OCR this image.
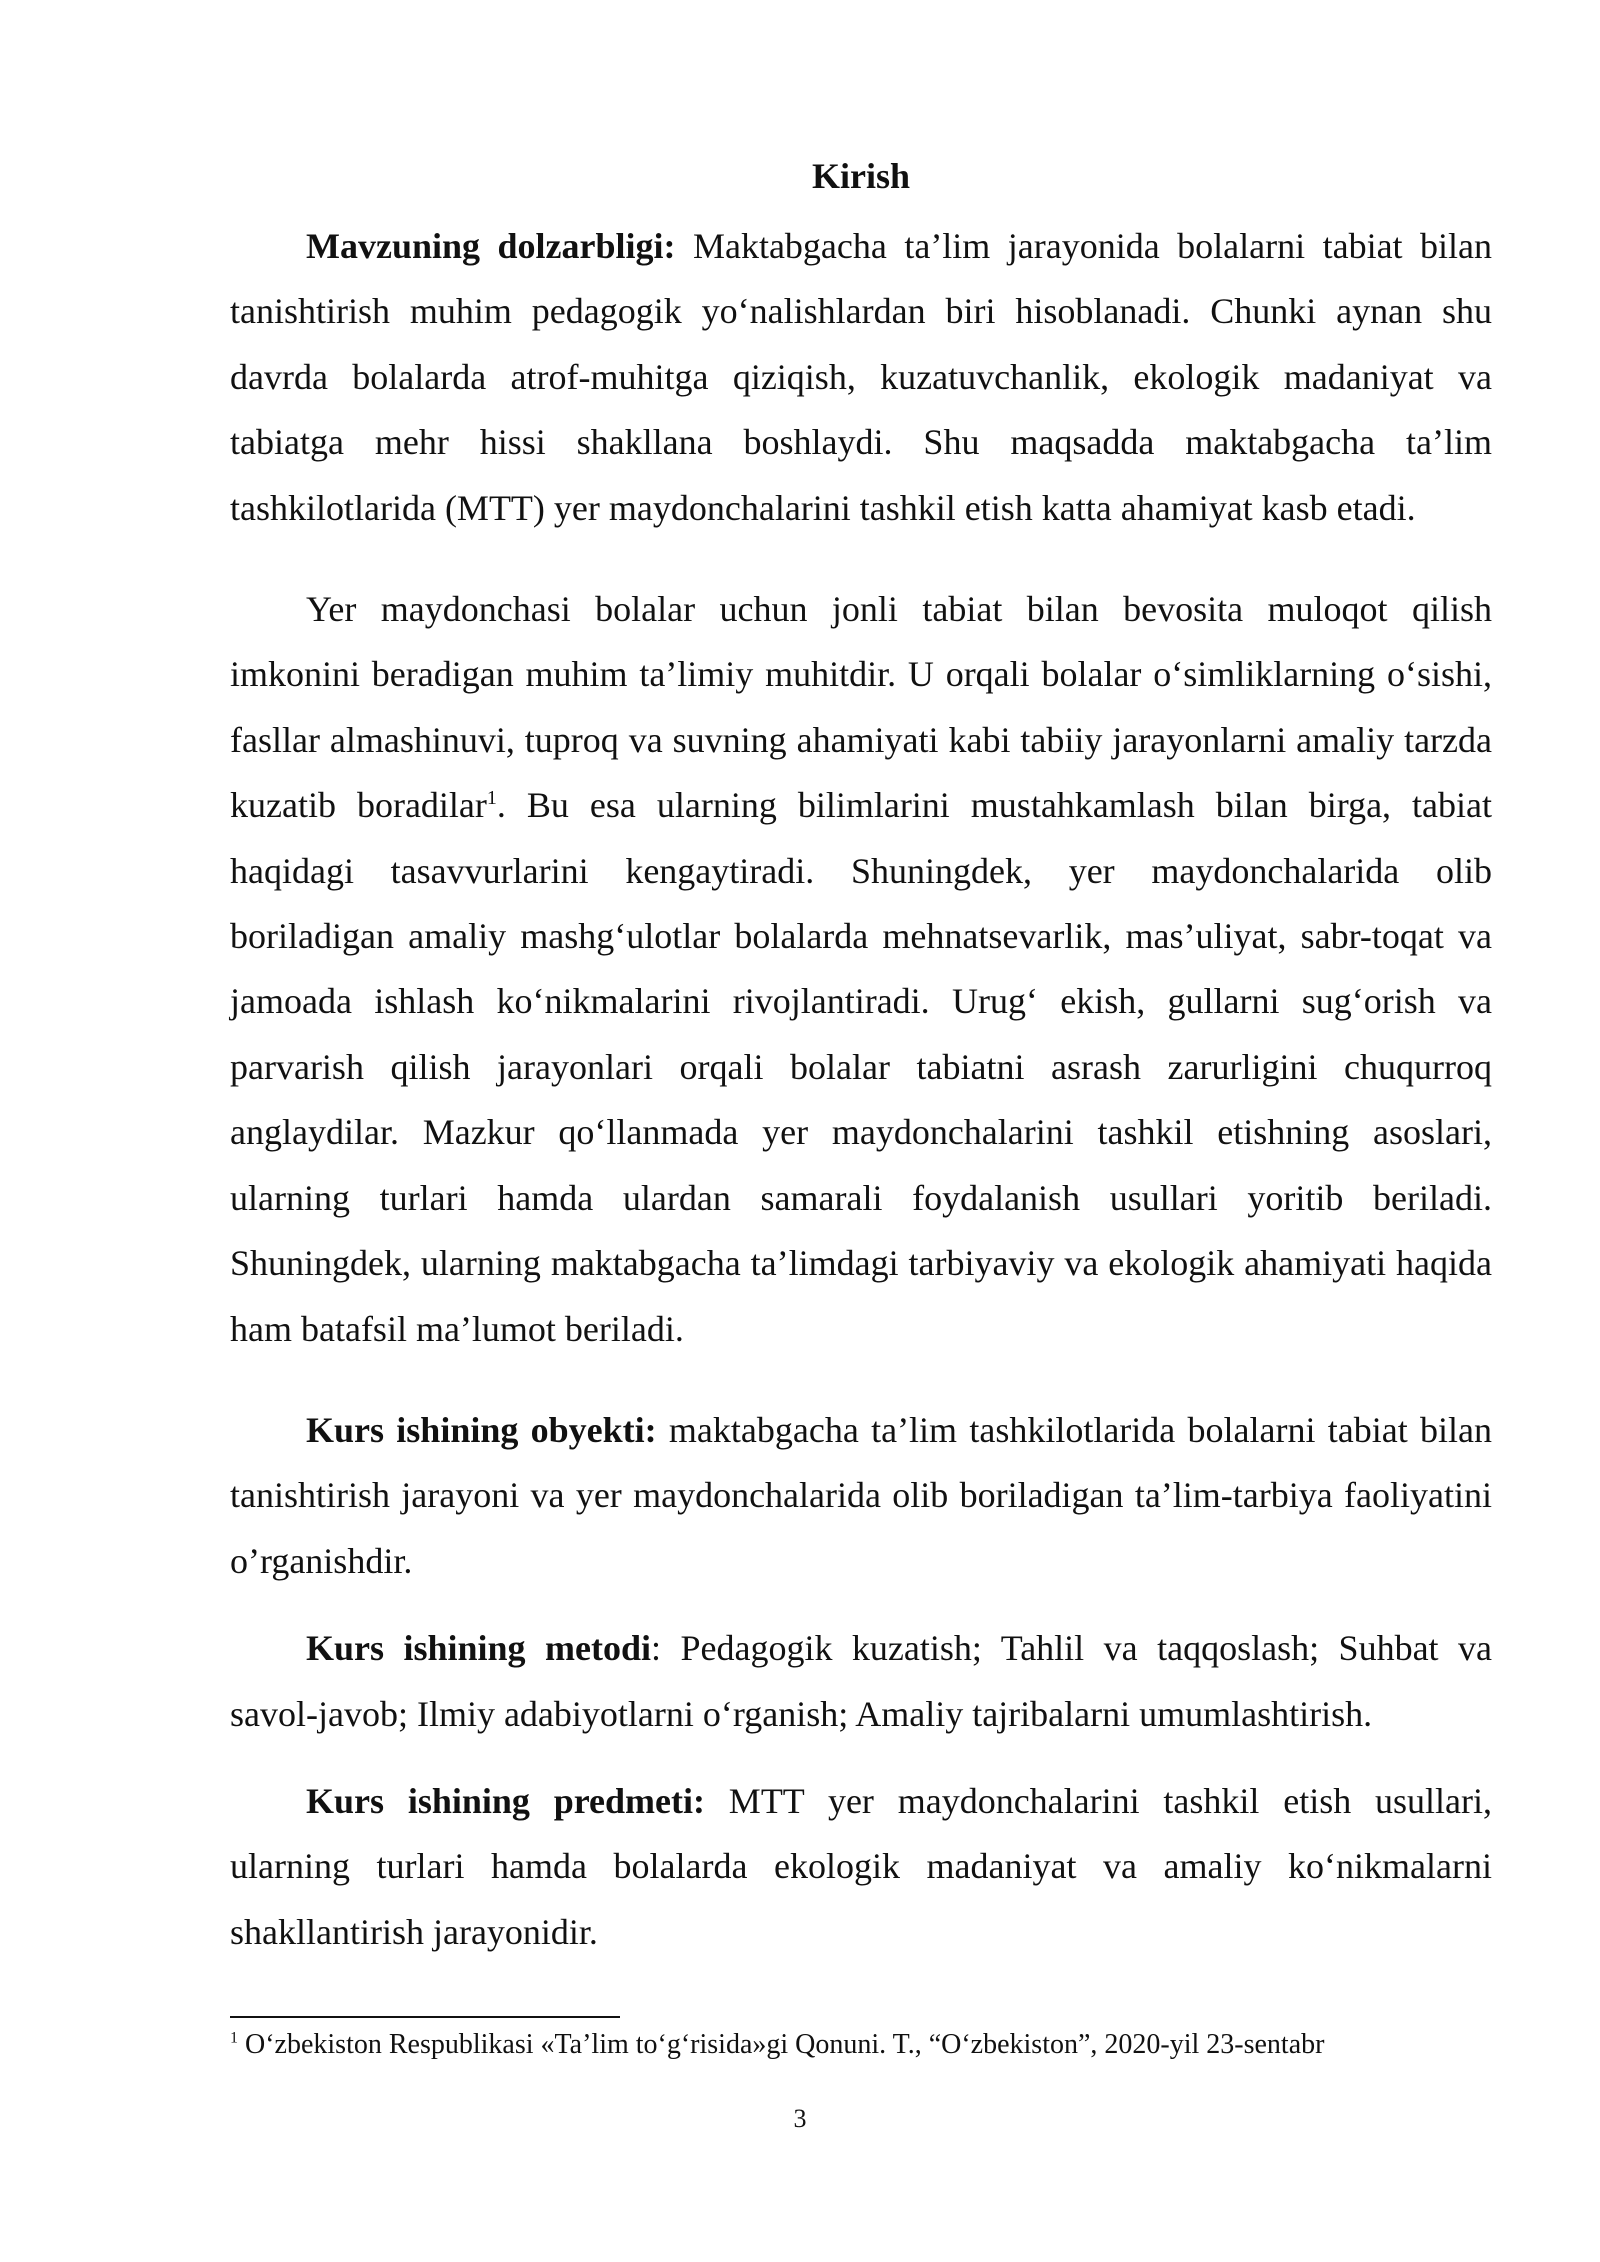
Kirish

Mavzuning dolzarbligi: Maktabgacha ta’lim jarayonida bolalarni tabiat bilan tanishtirish muhim pedagogik yo‘nalishlardan biri hisoblanadi. Chunki aynan shu davrda bolalarda atrof-muhitga qiziqish, kuzatuvchanlik, ekologik madaniyat va tabiatga mehr hissi shakllana boshlaydi. Shu maqsadda maktabgacha ta’lim tashkilotlarida (MTT) yer maydonchalarini tashkil etish katta ahamiyat kasb etadi.

Yer maydonchasi bolalar uchun jonli tabiat bilan bevosita muloqot qilish imkonini beradigan muhim ta’limiy muhitdir. U orqali bolalar o‘simliklarning o‘sishi, fasllar almashinuvi, tuproq va suvning ahamiyati kabi tabiiy jarayonlarni amaliy tarzda kuzatib boradilar$^1$. Bu esa ularning bilimlarini mustahkamlash bilan birga, tabiat haqidagi tasavvurlarini kengaytiradi. Shuningdek, yer maydonchalarida olib boriladigan amaliy mashg‘ulotlar bolalarda mehnatsevarlik, mas’uliyat, sabr-toqat va jamoada ishlash ko‘nikmalarini rivojlantiradi. Urug‘ ekish, gullarni sug‘orish va parvarish qilish jarayonlari orqali bolalar tabiatni asrash zarurligini chuqurroq anglaydilar. Mazkur qo‘llanmada yer maydonchalarini tashkil etishning asoslari, ularning turlari hamda ulardan samarali foydalanish usullari yoritib beriladi. Shuningdek, ularning maktabgacha ta’limdagi tarbiyaviy va ekologik ahamiyati haqida ham batafsil ma’lumot beriladi.

Kurs ishining obyekti: maktabgacha ta’lim tashkilotlarida bolalarni tabiat bilan tanishtirish jarayoni va yer maydonchalarida olib boriladigan ta’lim-tarbiya faoliyatini o’rganishdir.

Kurs ishining metodi: Pedagogik kuzatish; Tahlil va taqqoslash; Suhbat va savol-javob; Ilmiy adabiyotlarni o‘rganish; Amaliy tajribalarni umumlashtirish.

Kurs ishining predmeti: MTT yer maydonchalarini tashkil etish usullari, ularning turlari hamda bolalarda ekologik madaniyat va amaliy ko‘nikmalarni shakllantirish jarayonidir.

$^1$ O‘zbekiston Respublikasi «Ta’lim to‘g‘risida»gi Qonuni. T., “O‘zbekiston”, 2020-yil 23-sentabr

3
